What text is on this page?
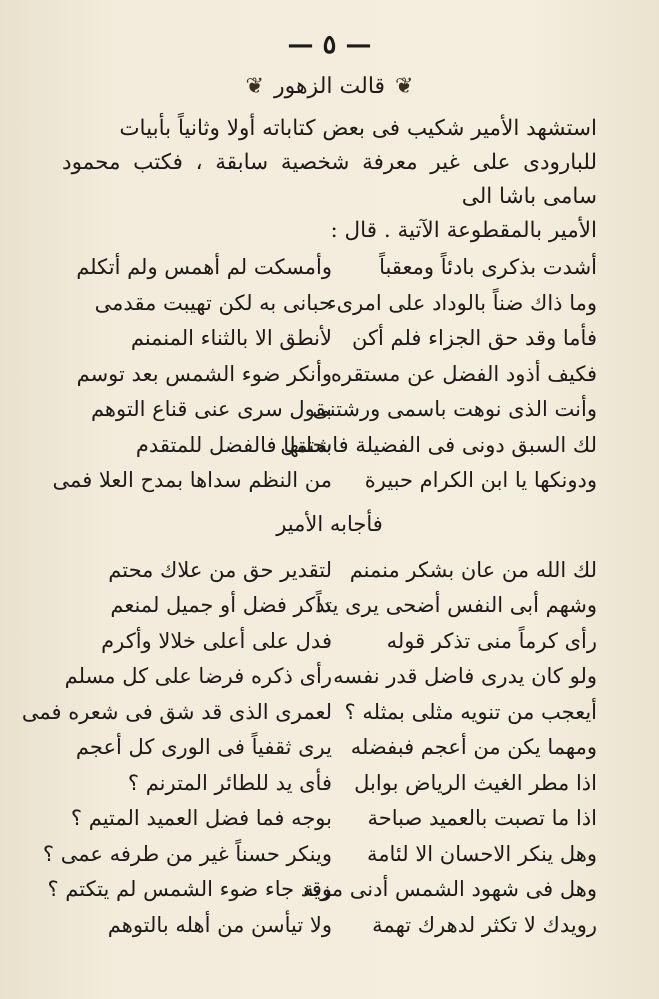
— ٥ —
❦
قالت الزهور
❦

استشهد الأمير شكيب فى بعض كتاباته أولا وثانياً بأبيات

للبارودى على غير معرفة شخصية سابقة ، فكتب محمود سامى باشا الى

الأمير بالمقطوعة الآتية . قال :

أشدت بذكرى بادئاً ومعقباً
وأمسكت لم أهمس ولم أتكلم
وما ذاك ضناً بالوداد على امرىء
حبانى به لكن تهيبت مقدمى
فأما وقد حق الجزاء فلم أكن
لأنطق الا بالثناء المنمنم
فكيف أذود الفضل عن مستقره
وأنكر ضوء الشمس بعد توسم
وأنت الذى نوهت باسمى ورشتنى
بقول سرى عنى قناع التوهم
لك السبق دونى فى الفضيلة فاشتمل
بحلتها فالفضل للمتقدم
ودونكها يا ابن الكرام حبيرة
من النظم سداها بمدح العلا فمى
فأجابه الأمير
لك الله من عان بشكر منمنم
لتقدير حق من علاك محتم
وشهم أبى النفس أضحى يرى يداً
تذكر فضل أو جميل لمنعم
رأى كرماً منى تذكر قوله
فدل على أعلى خلالا وأكرم
ولو كان يدرى فاضل قدر نفسه
رأى ذكره فرضا على كل مسلم
أيعجب من تنويه مثلى بمثله ؟
لعمرى الذى قد شق فى شعره فمى
ومهما يكن من أعجم فبفضله
يرى ثقفياً فى الورى كل أعجم
اذا مطر الغيث الرياض بوابل
فأى يد للطائر المترنم ؟
اذا ما تصبت بالعميد صباحة
بوجه فما فضل العميد المتيم ؟
وهل ينكر الاحسان الا لئامة
وينكر حسناً غير من طرفه عمى ؟
وهل فى شهود الشمس أدنى مزية
وقد جاء ضوء الشمس لم يتكتم ؟
رويدك لا تكثر لدهرك تهمة
ولا تيأسن من أهله بالتوهم
